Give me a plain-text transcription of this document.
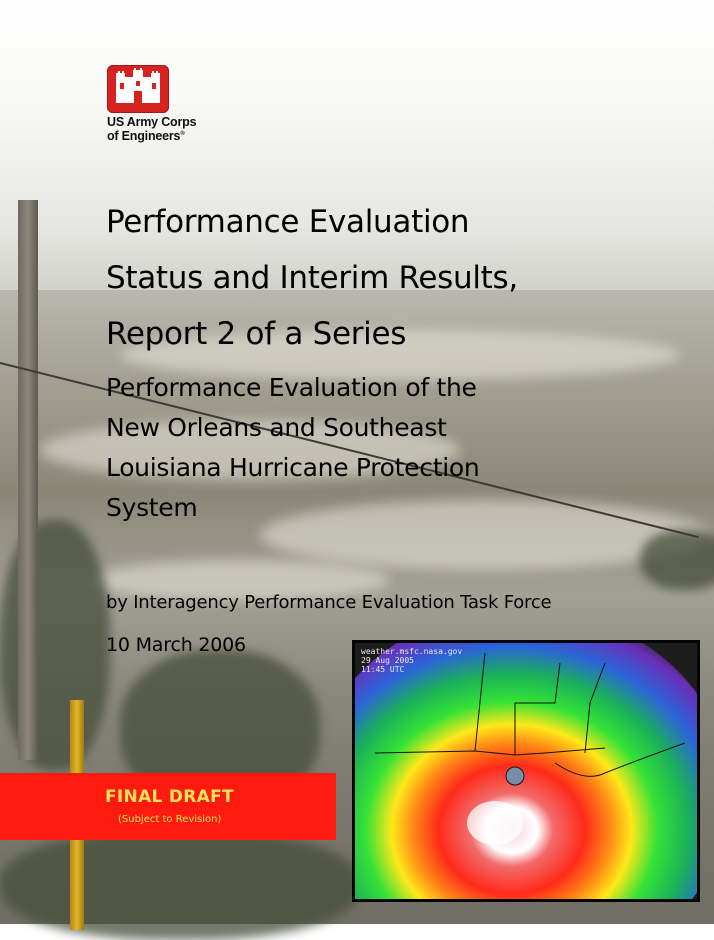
US Army Corps
of Engineers®
Performance Evaluation
Status and Interim Results,
Report 2 of a Series
Performance Evaluation of the
New Orleans and Southeast
Louisiana Hurricane Protection
System
by Interagency Performance Evaluation Task Force
10 March 2006	weather.msfc.nasa.gov
29 Aug 2005
11:45 UTC
FINAL DRAFT
(Subject to Revision)
